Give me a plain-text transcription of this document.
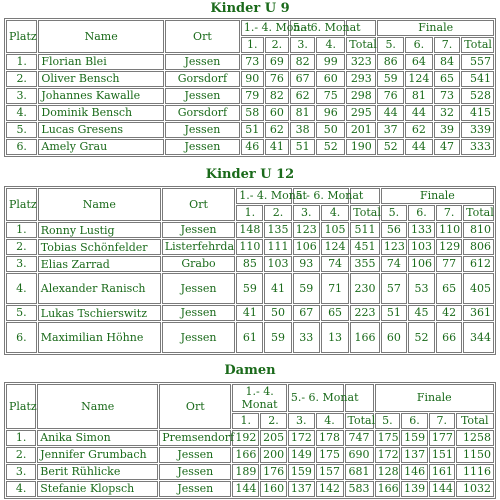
Kinder U 9
Platz	Name	Ort	1.- 4. Monat		5.- 6. Monat			Finale			
			1.	2.	3.	4.	Total	5.	6.	7.	Total
1.	Florian Blei	Jessen	73	69	82	99	323	86	64	84	557
2.	Oliver Bensch	Gorsdorf	90	76	67	60	293	59	124	65	541
3.	Johannes Kawalle	Jessen	79	82	62	75	298	76	81	73	528
4.	Dominik Bensch	Gorsdorf	58	60	81	96	295	44	44	32	415
5.	Lucas Gresens	Jessen	51	62	38	50	201	37	62	39	339
6.	Amely Grau	Jessen	46	41	51	52	190	52	44	47	333
Kinder U 12
Platz	Name	Ort	1.- 4. Monat		5.- 6. Monat			Finale			
			1.	2.	3.	4.	Total	5.	6.	7.	Total
1.	Ronny Lustig	Jessen	148	135	123	105	511	56	133	110	810
2.	Tobias Schönfelder	Listerfehrda	110	111	106	124	451	123	103	129	806
3.	Elias Zarrad	Grabo	85	103	93	74	355	74	106	77	612
4.	Alexander Ranisch	Jessen	59	41	59	71	230	57	53	65	405
5.	Lukas Tschierswitz	Jessen	41	50	67	65	223	51	45	42	361
6.	Maximilian Höhne	Jessen	61	59	33	13	166	60	52	66	344
Damen
Platz	Name	Ort	1.- 4. Monat		5.- 6. Monat			Finale			
			1.	2.	3.	4.	Total	5.	6.	7.	Total
1.	Anika Simon	Premsendorf	192	205	172	178	747	175	159	177	1258
2.	Jennifer Grumbach	Jessen	166	200	149	175	690	172	137	151	1150
3.	Berit Rühlicke	Jessen	189	176	159	157	681	128	146	161	1116
4.	Stefanie Klopsch	Jessen	144	160	137	142	583	166	139	144	1032
